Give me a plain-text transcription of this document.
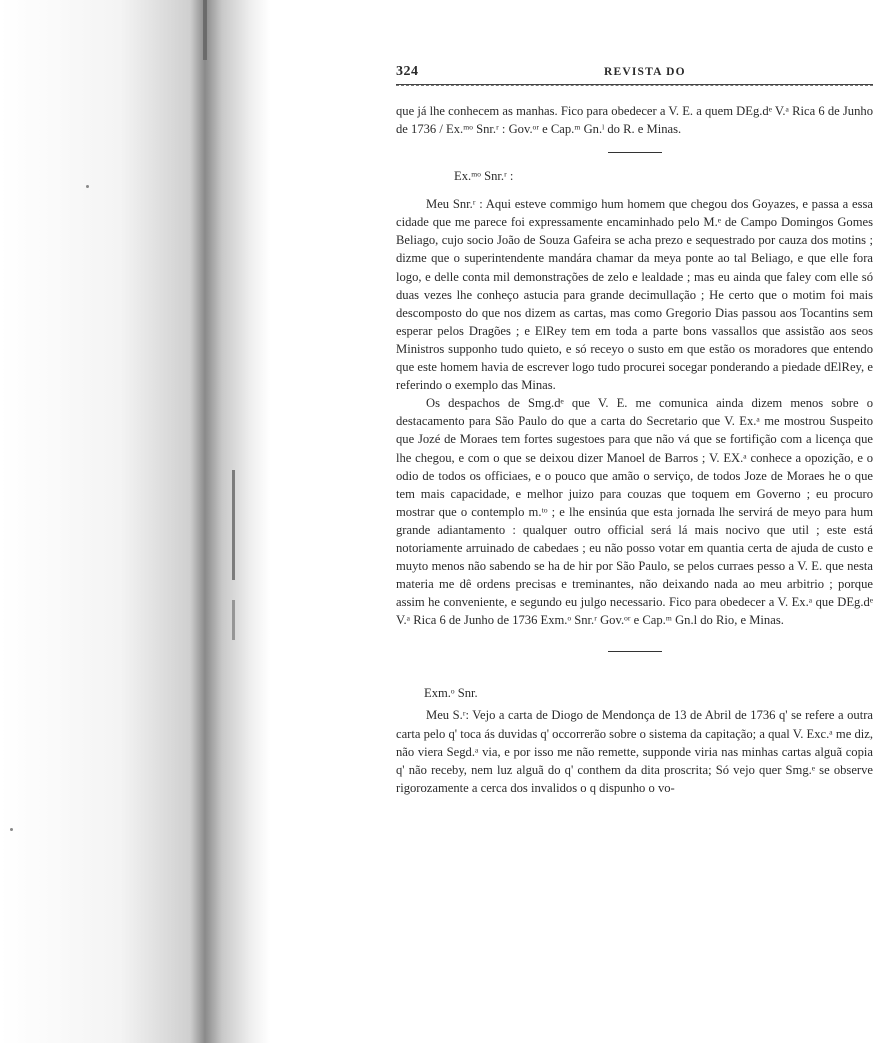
324	REVISTA DO

que já lhe conhecem as manhas. Fico para obedecer a V. E. a quem DEg.dᵉ V.ᵃ Rica 6 de Junho de 1736 / Ex.ᵐᵒ Snr.ʳ : Gov.ᵒʳ e Cap.ᵐ Gn.ˡ do R. e Minas.

Ex.ᵐᵒ Snr.ʳ :

Meu Snr.ʳ : Aqui esteve commigo hum homem que chegou dos Goyazes, e passa a essa cidade que me parece foi expressamente encaminhado pelo M.ᵉ de Campo Domingos Gomes Beliago, cujo socio João de Souza Gafeira se acha prezo e sequestrado por cauza dos motins ; dizme que o superintendente mandára chamar da meya ponte ao tal Beliago, e que elle fora logo, e delle conta mil demonstrações de zelo e lealdade ; mas eu ainda que faley com elle só duas vezes lhe conheço astucia para grande decimullação ; He certo que o motim foi mais descomposto do que nos dizem as cartas, mas como Gregorio Dias passou aos Tocantins sem esperar pelos Dragões ; e ElRey tem em toda a parte bons vassallos que assistão aos seos Ministros supponho tudo quieto, e só receyo o susto em que estão os moradores que entendo que este homem havia de escrever logo tudo procurei socegar ponderando a piedade dElRey, e referindo o exemplo das Minas.

Os despachos de Smg.dᵉ que V. E. me comunica ainda dizem menos sobre o destacamento para São Paulo do que a carta do Secretario que V. Ex.ᵃ me mostrou Suspeito que Jozé de Moraes tem fortes sugestoes para que não vá que se fortifição com a licença que lhe chegou, e com o que se deixou dizer Manoel de Barros ; V. EX.ᵃ conhece a opozição, e o odio de todos os officiaes, e o pouco que amão o serviço, de todos Joze de Moraes he o que tem mais capacidade, e melhor juizo para couzas que toquem em Governo ; eu procuro mostrar que o contemplo m.ᵗᵒ ; e lhe ensinúa que esta jornada lhe servirá de meyo para hum grande adiantamento : qualquer outro official será lá mais nocivo que util ; este está notoriamente arruinado de cabedaes ; eu não posso votar em quantia certa de ajuda de custo e muyto menos não sabendo se ha de hir por São Paulo, se pelos currаes pesso a V. E. que nesta materia me dê ordens precisas e treminantes, não deixando nada ao meu arbitrio ; porque assim he conveniente, e segundo eu julgo necessario. Fico para obedecer a V. Ex.ᵃ que DEg.dᵉ V.ᵃ Rica 6 de Junho de 1736 Exm.ᵒ Snr.ʳ Gov.ᵒʳ e Cap.ᵐ Gn.l do Rio, e Minas.

Exm.ᵒ Snr.

Meu S.ʳ: Vejo a carta de Diogo de Mendonça de 13 de Abril de 1736 q' se refere a outra carta pelo q' toca ás duvidas q' occorrerão sobre o sistema da capitação; a qual V. Exc.ᵃ me diz, não viera Segd.ᵃ via, e por isso me não remette, supponde viria nas minhas cartas alguã copia q' não receby, nem luz alguã do q' conthem da dita proscrita; Só vejo quer Smg.ᵉ se observe rigorozamente a cerca dos invalidos o q dispunho o vo-
